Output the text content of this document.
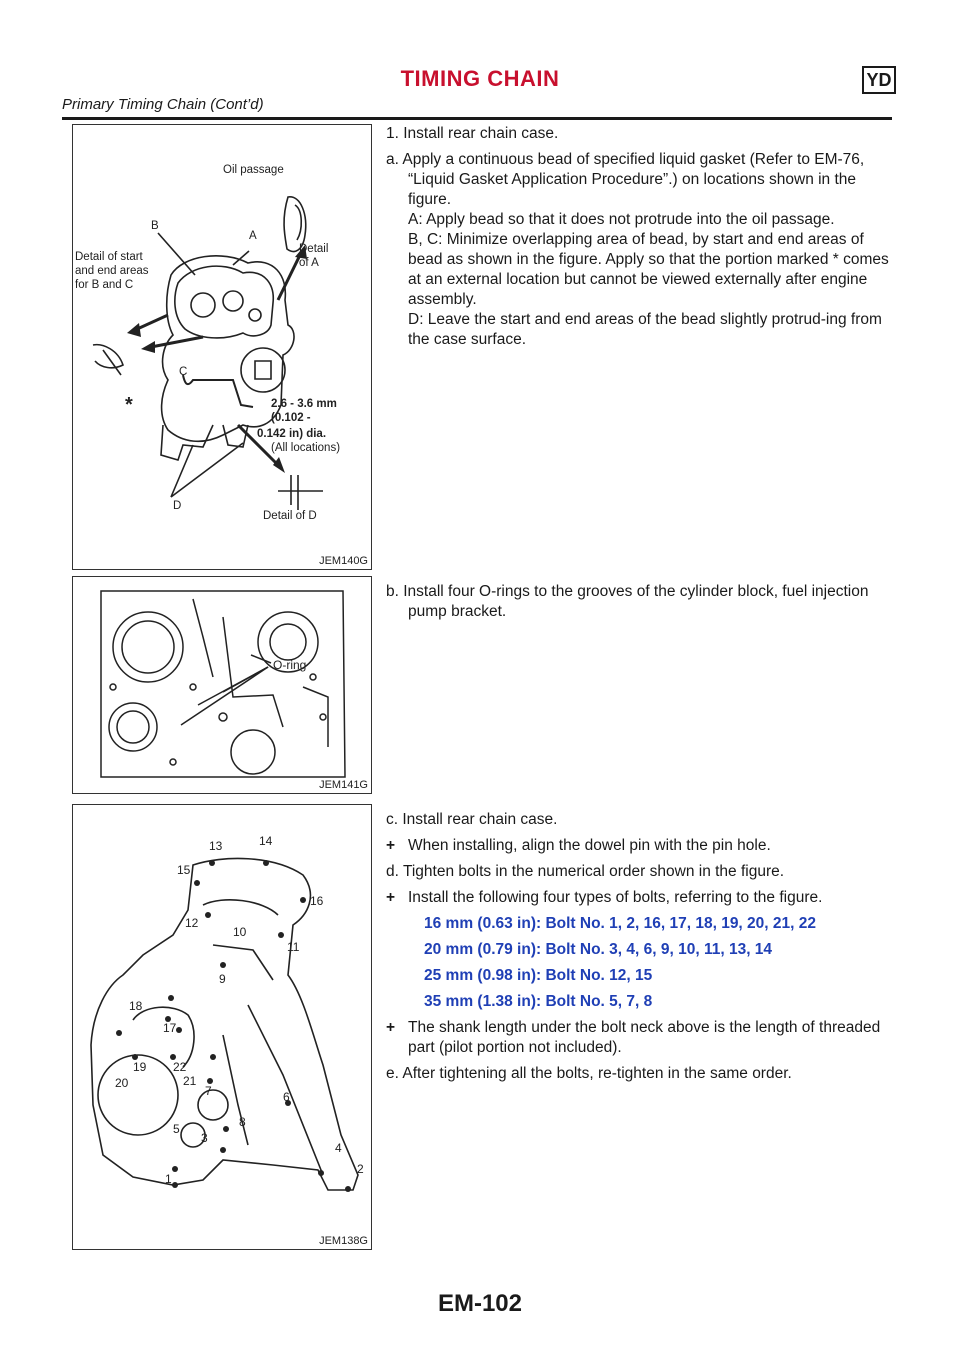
TIMING CHAIN	YD
Primary Timing Chain (Cont’d)
Oil passage
B
A
Detail
of A
Detail of start
and end areas
for B and C
C
*	2.6 - 3.6 mm
(0.102 -
0.142 in) dia.
(All locations)
D
Detail of D
JEM140G
O-ring
JEM141G
13	14
15
16
12
10
11
9
18
17
19 22
20	21
7	6
5	8
3
4
1
2
JEM138G

1. Install rear chain case.

a. Apply a continuous bead of specified liquid gasket (Refer to EM-76, “Liquid Gasket Application Procedure”.) on locations shown in the figure.

A: Apply bead so that it does not protrude into the oil passage.

B, C: Minimize overlapping area of bead, by start and end areas of bead as shown in the figure. Apply so that the portion marked * comes at an external location but cannot be viewed externally after engine assembly.

D: Leave the start and end areas of the bead slightly protrud-ing from the case surface.

b. Install four O-rings to the grooves of the cylinder block, fuel injection pump bracket.

c. Install rear chain case.

+ When installing, align the dowel pin with the pin hole.

d. Tighten bolts in the numerical order shown in the figure.

+ Install the following four types of bolts, referring to the figure.

16 mm (0.63 in): Bolt No. 1, 2, 16, 17, 18, 19, 20, 21, 22

20 mm (0.79 in): Bolt No. 3, 4, 6, 9, 10, 11, 13, 14

25 mm (0.98 in): Bolt No. 12, 15

35 mm (1.38 in): Bolt No. 5, 7, 8

+ The shank length under the bolt neck above is the length of threaded part (pilot portion not included).

e. After tightening all the bolts, re-tighten in the same order.

EM-102
